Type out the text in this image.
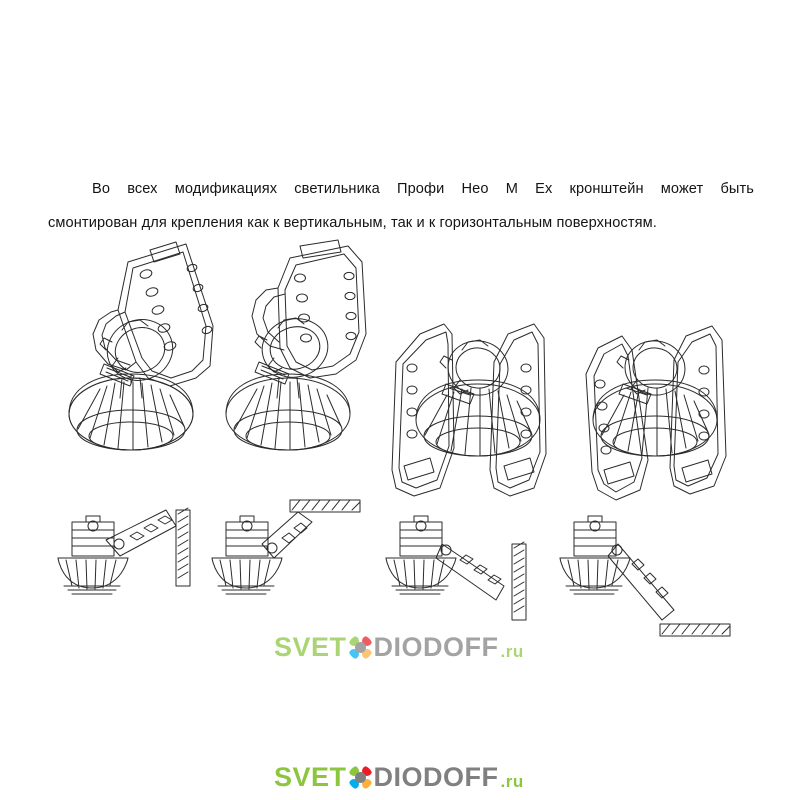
Во всех модификациях светильника Профи Нео М Ex кронштейн может быть
смонтирован для крепления как к вертикальным, так и к горизонтальным поверхностям.
SVET DIODOFF .ru
SVET DIODOFF .ru
